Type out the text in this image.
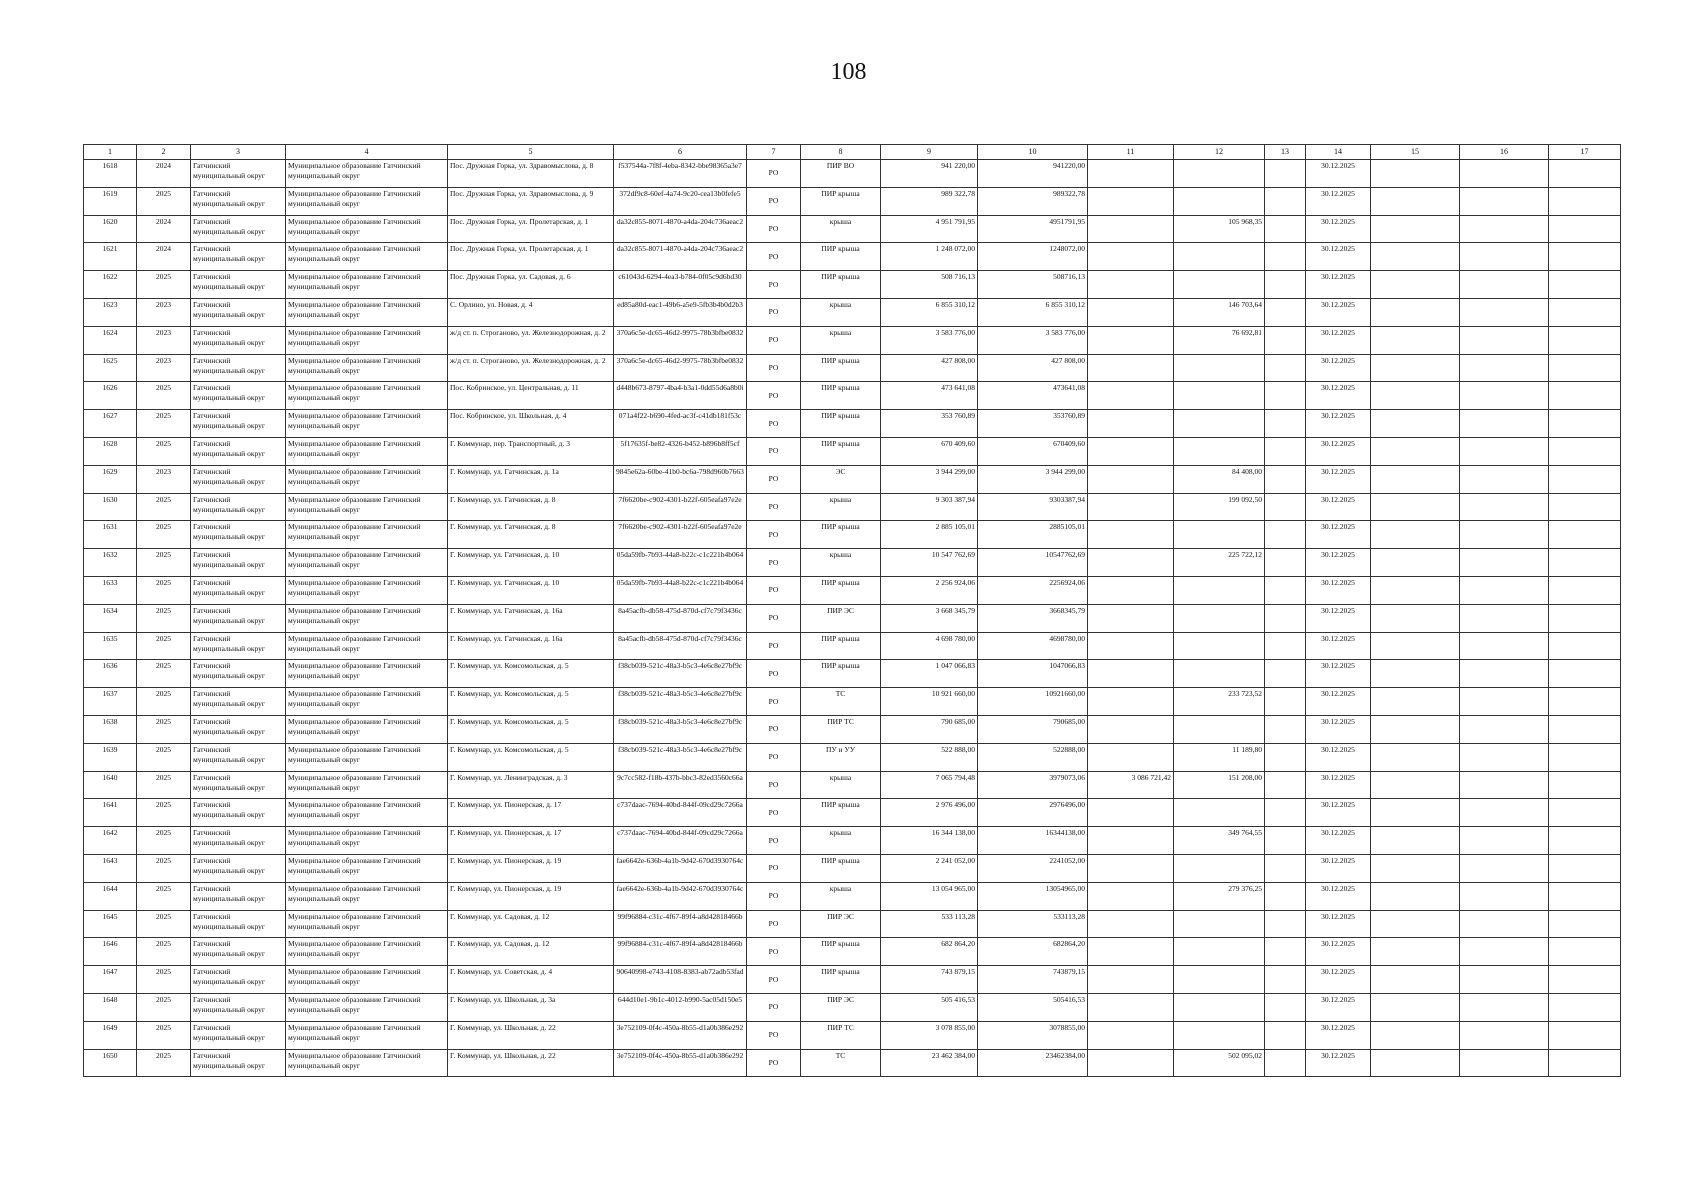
108
1	2	3	4	5	6	7	8	9	10	11	12	13	14	15	16	17
1618	2024	Гатчинский муниципальный округ	Муниципальное образование Гатчинский муниципальный округ	Пос. Дружная Горка, ул. Здравомыслова, д. 8	f537544a-7f8f-4eba-8342-bbe98365a3e7	РО	ПИР ВО	941 220,00	941220,00				30.12.2025			
1619	2025	Гатчинский муниципальный округ	Муниципальное образование Гатчинский муниципальный округ	Пос. Дружная Горка, ул. Здравомыслова, д. 9	372df9c8-60ef-4a74-9c20-cea13b0fefe5	РО	ПИР крыша	989 322,78	989322,78				30.12.2025			
1620	2024	Гатчинский муниципальный округ	Муниципальное образование Гатчинский муниципальный округ	Пос. Дружная Горка, ул. Пролетарская, д. 1	da32c855-8071-4870-a4da-204c736aeac2	РО	крыша	4 951 791,95	4951791,95		105 968,35		30.12.2025			
1621	2024	Гатчинский муниципальный округ	Муниципальное образование Гатчинский муниципальный округ	Пос. Дружная Горка, ул. Пролетарская, д. 1	da32c855-8071-4870-a4da-204c736aeac2	РО	ПИР крыша	1 248 072,00	1248072,00				30.12.2025			
1622	2025	Гатчинский муниципальный округ	Муниципальное образование Гатчинский муниципальный округ	Пос. Дружная Горка, ул. Садовая, д. 6	c61043d-6294-4ea3-b784-0f05c9d6bd30	РО	ПИР крыша	508 716,13	508716,13				30.12.2025			
1623	2023	Гатчинский муниципальный округ	Муниципальное образование Гатчинский муниципальный округ	С. Орлино, ул. Новая, д. 4	ed85a80d-eac1-49b6-a5e9-5fb3b4b0d2b3	РО	крыша	6 855 310,12	6 855 310,12		146 703,64		30.12.2025			
1624	2023	Гатчинский муниципальный округ	Муниципальное образование Гатчинский муниципальный округ	ж/д ст. п. Строганово, ул. Железнодорожная, д. 2	370a6c5e-dc65-46d2-9975-78b3bfbe0832	РО	крыша	3 583 776,00	3 583 776,00		76 692,81		30.12.2025			
1625	2023	Гатчинский муниципальный округ	Муниципальное образование Гатчинский муниципальный округ	ж/д ст. п. Строганово, ул. Железнодорожная, д. 2	370a6c5e-dc65-46d2-9975-78b3bfbe0832	РО	ПИР крыша	427 808,00	427 808,00				30.12.2025			
1626	2025	Гатчинский муниципальный округ	Муниципальное образование Гатчинский муниципальный округ	Пос. Кобринское, ул. Центральная, д. 11	d448b673-8797-4ba4-b3a1-0dd55d6a8b0i	РО	ПИР крыша	473 641,08	473641,08				30.12.2025			
1627	2025	Гатчинский муниципальный округ	Муниципальное образование Гатчинский муниципальный округ	Пос. Кобринское, ул. Школьная, д. 4	071a4f22-b690-4fed-ac3f-c41db181f53c	РО	ПИР крыша	353 760,89	353760,89				30.12.2025			
1628	2025	Гатчинский муниципальный округ	Муниципальное образование Гатчинский муниципальный округ	Г. Коммунар, пер. Транспортный, д. 3	5f17635f-be82-4326-b452-b896b8ff5cf	РО	ПИР крыша	670 409,60	670409,60				30.12.2025			
1629	2023	Гатчинский муниципальный округ	Муниципальное образование Гатчинский муниципальный округ	Г. Коммунар, ул. Гатчинская, д. 1а	9845e62a-60be-41b0-bc6a-798d960b7663	РО	ЭС	3 944 299,00	3 944 299,00		84 408,00		30.12.2025			
1630	2025	Гатчинский муниципальный округ	Муниципальное образование Гатчинский муниципальный округ	Г. Коммунар, ул. Гатчинская, д. 8	7f6620be-c902-4301-b22f-605eafa97e2e	РО	крыша	9 303 387,94	9303387,94		199 092,50		30.12.2025			
1631	2025	Гатчинский муниципальный округ	Муниципальное образование Гатчинский муниципальный округ	Г. Коммунар, ул. Гатчинская, д. 8	7f6620be-c902-4301-b22f-605eafa97e2e	РО	ПИР крыша	2 885 105,01	2885105,01				30.12.2025			
1632	2025	Гатчинский муниципальный округ	Муниципальное образование Гатчинский муниципальный округ	Г. Коммунар, ул. Гатчинская, д. 10	05da59fb-7b93-44a8-b22c-c1c221b4b064	РО	крыша	10 547 762,69	10547762,69		225 722,12		30.12.2025			
1633	2025	Гатчинский муниципальный округ	Муниципальное образование Гатчинский муниципальный округ	Г. Коммунар, ул. Гатчинская, д. 10	05da59fb-7b93-44a8-b22c-c1c221b4b064	РО	ПИР крыша	2 256 924,06	2256924,06				30.12.2025			
1634	2025	Гатчинский муниципальный округ	Муниципальное образование Гатчинский муниципальный округ	Г. Коммунар, ул. Гатчинская, д. 16а	8a45acfb-db58-475d-870d-cf7c79f3436c	РО	ПИР ЭС	3 668 345,79	3668345,79				30.12.2025			
1635	2025	Гатчинский муниципальный округ	Муниципальное образование Гатчинский муниципальный округ	Г. Коммунар, ул. Гатчинская, д. 16а	8a45acfb-db58-475d-870d-cf7c79f3436c	РО	ПИР крыша	4 698 780,00	4698780,00				30.12.2025			
1636	2025	Гатчинский муниципальный округ	Муниципальное образование Гатчинский муниципальный округ	Г. Коммунар, ул. Комсомольская, д. 5	f38cb039-521c-48a3-b5c3-4e6c8e27bf9c	РО	ПИР крыша	1 047 066,83	1047066,83				30.12.2025			
1637	2025	Гатчинский муниципальный округ	Муниципальное образование Гатчинский муниципальный округ	Г. Коммунар, ул. Комсомольская, д. 5	f38cb039-521c-48a3-b5c3-4e6c8e27bf9c	РО	ТС	10 921 660,00	10921660,00		233 723,52		30.12.2025			
1638	2025	Гатчинский муниципальный округ	Муниципальное образование Гатчинский муниципальный округ	Г. Коммунар, ул. Комсомольская, д. 5	f38cb039-521c-48a3-b5c3-4e6c8e27bf9c	РО	ПИР ТС	790 685,00	790685,00				30.12.2025			
1639	2025	Гатчинский муниципальный округ	Муниципальное образование Гатчинский муниципальный округ	Г. Коммунар, ул. Комсомольская, д. 5	f38cb039-521c-48a3-b5c3-4e6c8e27bf9c	РО	ПУ и УУ	522 888,00	522888,00		11 189,80		30.12.2025			
1640	2025	Гатчинский муниципальный округ	Муниципальное образование Гатчинский муниципальный округ	Г. Коммунар, ул. Ленинградская, д. 3	9c7cc582-f18b-437b-bbc3-82ed3560c66a	РО	крыша	7 065 794,48	3979073,06	3 086 721,42	151 208,00		30.12.2025			
1641	2025	Гатчинский муниципальный округ	Муниципальное образование Гатчинский муниципальный округ	Г. Коммунар, ул. Пионерская, д. 17	c737daac-7694-40bd-844f-09cd29c7266a	РО	ПИР крыша	2 976 496,00	2976496,00				30.12.2025			
1642	2025	Гатчинский муниципальный округ	Муниципальное образование Гатчинский муниципальный округ	Г. Коммунар, ул. Пионерская, д. 17	c737daac-7694-40bd-844f-09cd29c7266a	РО	крыша	16 344 138,00	16344138,00		349 764,55		30.12.2025			
1643	2025	Гатчинский муниципальный округ	Муниципальное образование Гатчинский муниципальный округ	Г. Коммунар, ул. Пионерская, д. 19	fae6642e-636b-4a1b-9d42-670d3930764c	РО	ПИР крыша	2 241 052,00	2241052,00				30.12.2025			
1644	2025	Гатчинский муниципальный округ	Муниципальное образование Гатчинский муниципальный округ	Г. Коммунар, ул. Пионерская, д. 19	fae6642e-636b-4a1b-9d42-670d3930764c	РО	крыша	13 054 965,00	13054965,00		279 376,25		30.12.2025			
1645	2025	Гатчинский муниципальный округ	Муниципальное образование Гатчинский муниципальный округ	Г. Коммунар, ул. Садовая, д. 12	99f96884-c31c-4f67-89f4-a8d42818466b	РО	ПИР ЭС	533 113,28	533113,28				30.12.2025			
1646	2025	Гатчинский муниципальный округ	Муниципальное образование Гатчинский муниципальный округ	Г. Коммунар, ул. Садовая, д. 12	99f96884-c31c-4f67-89f4-a8d42818466b	РО	ПИР крыша	682 864,20	682864,20				30.12.2025			
1647	2025	Гатчинский муниципальный округ	Муниципальное образование Гатчинский муниципальный округ	Г. Коммунар, ул. Советская, д. 4	90640998-e743-4108-8383-ab72adb53fad	РО	ПИР крыша	743 879,15	743879,15				30.12.2025			
1648	2025	Гатчинский муниципальный округ	Муниципальное образование Гатчинский муниципальный округ	Г. Коммунар, ул. Школьная, д. 3а	644d10e1-9b1c-4012-b990-5ac05d150e5	РО	ПИР ЭС	505 416,53	505416,53				30.12.2025			
1649	2025	Гатчинский муниципальный округ	Муниципальное образование Гатчинский муниципальный округ	Г. Коммунар, ул. Школьная, д. 22	3e752109-0f4c-450a-8b55-d1a0b386e292	РО	ПИР ТС	3 078 855,00	3078855,00				30.12.2025			
1650	2025	Гатчинский муниципальный округ	Муниципальное образование Гатчинский муниципальный округ	Г. Коммунар, ул. Школьная, д. 22	3e752109-0f4c-450a-8b55-d1a0b386e292	РО	ТС	23 462 384,00	23462384,00		502 095,02		30.12.2025			
